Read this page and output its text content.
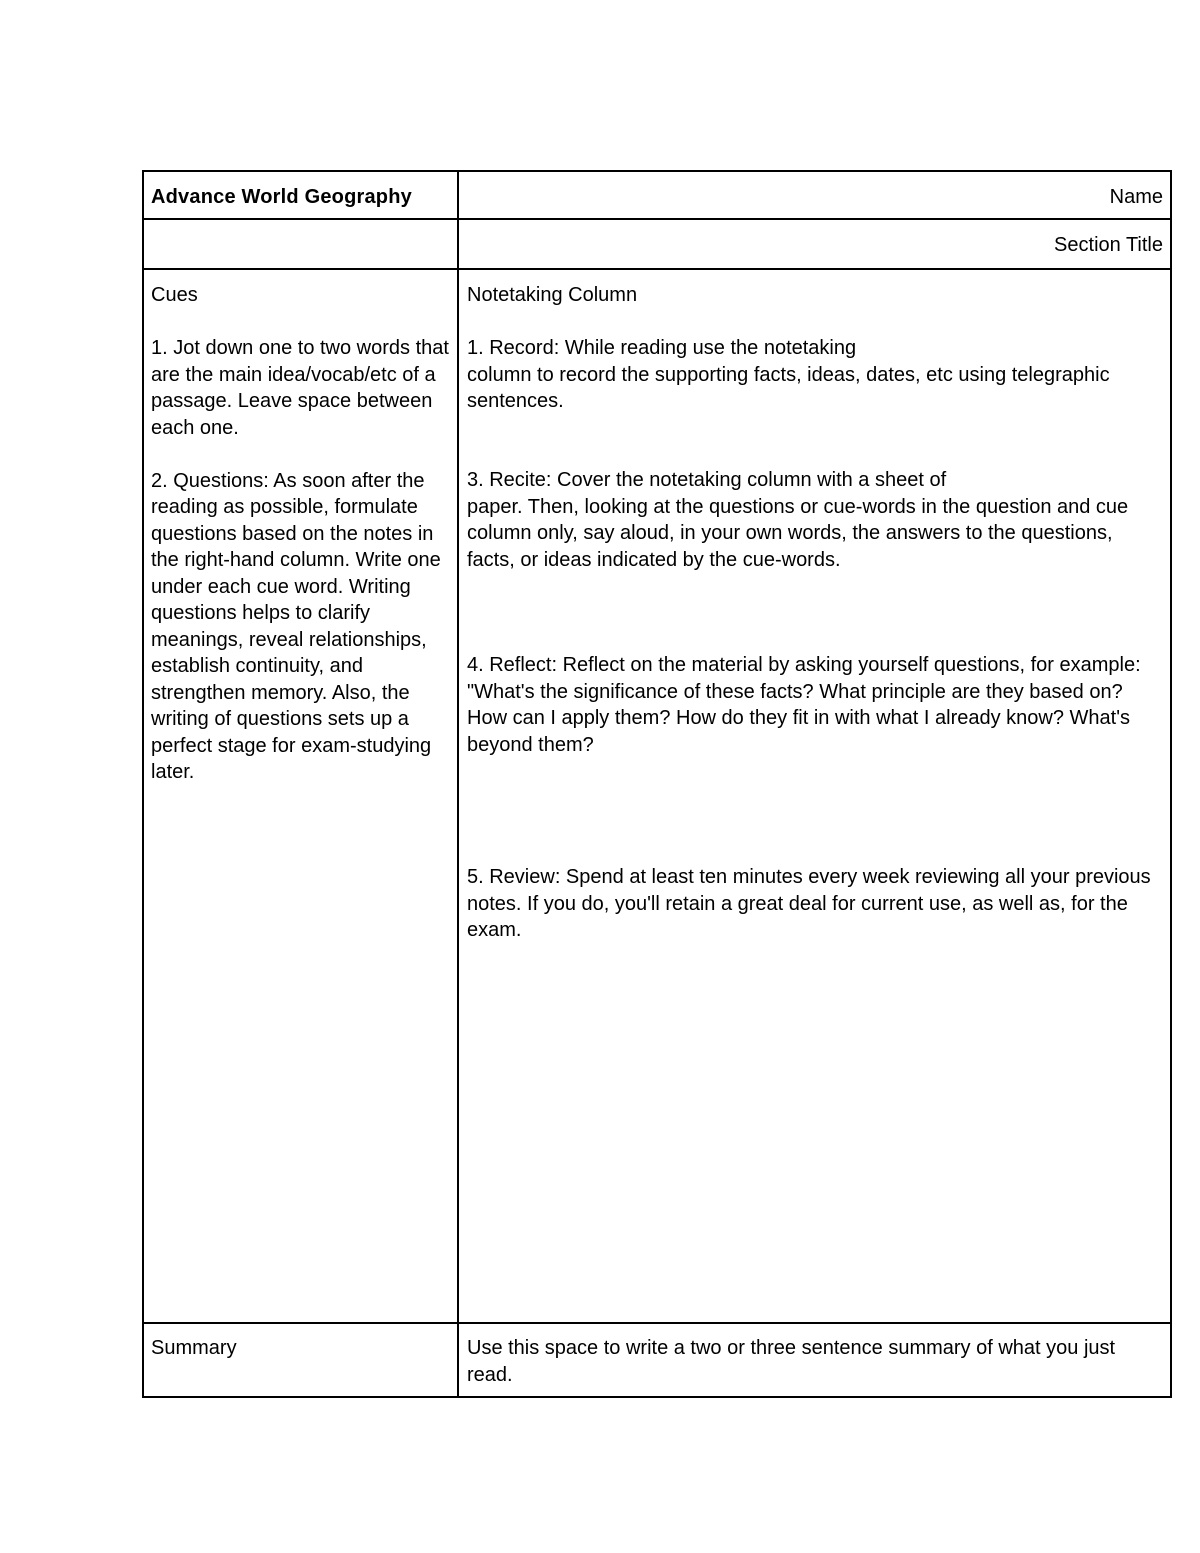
Advance World Geography	Name
Section Title

Cues

1. Jot down one to two words that are the main idea/vocab/etc of a passage. Leave space between each one.

2. Questions: As soon after the reading as possible, formulate questions based on the notes in the right-hand column. Write one under each cue word. Writing questions helps to clarify meanings, reveal relationships, establish continuity, and strengthen memory. Also, the writing of questions sets up a perfect stage for exam-studying later.

Notetaking Column

1. Record: While reading use the notetaking

column to record the supporting facts, ideas, dates, etc using telegraphic sentences.

3. Recite: Cover the notetaking column with a sheet of

paper. Then, looking at the questions or cue-words in the question and cue column only, say aloud, in your own words, the answers to the questions, facts, or ideas indicated by the cue-words.

4. Reflect: Reflect on the material by asking yourself questions, for example: "What's the significance of these facts? What principle are they based on? How can I apply them? How do they fit in with what I already know? What's beyond them?
5. Review: Spend at least ten minutes every week reviewing all your previous notes. If you do, you'll retain a great deal for current use, as well as, for the exam.
Summary	Use this space to write a two or three sentence summary of what you just read.
